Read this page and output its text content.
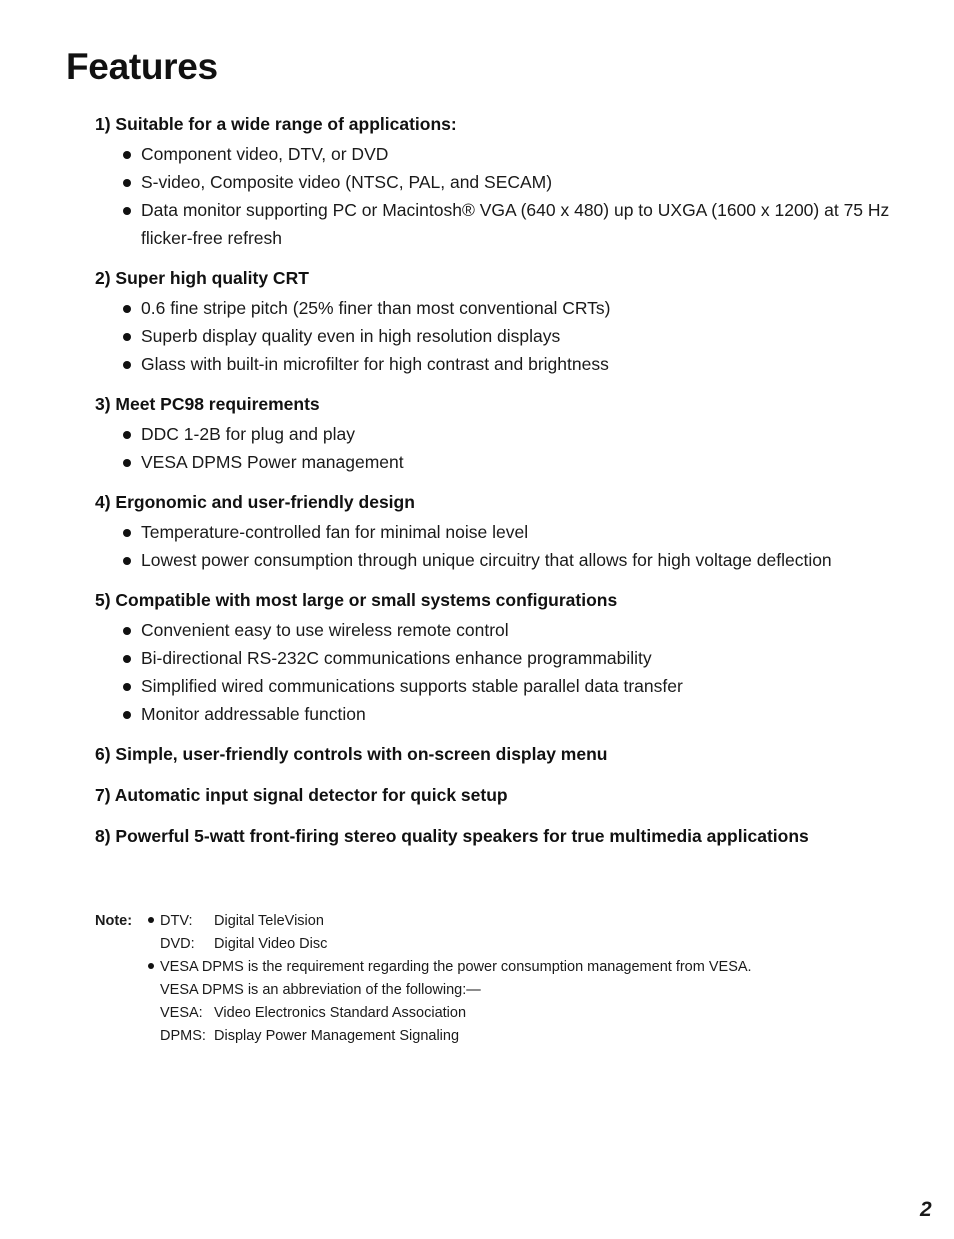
Features
1) Suitable for a wide range of applications:
Component video, DTV, or DVD
S-video, Composite video (NTSC, PAL, and SECAM)
Data monitor supporting PC or Macintosh® VGA (640 x 480) up to UXGA (1600 x 1200) at 75 Hz flicker-free refresh
2) Super high quality CRT
0.6 fine stripe pitch (25% finer than most conventional CRTs)
Superb display quality even in high resolution displays
Glass with built-in microfilter for high contrast and brightness
3) Meet PC98 requirements
DDC 1-2B for plug and play
VESA DPMS Power management
4) Ergonomic and user-friendly design
Temperature-controlled fan for minimal noise level
Lowest power consumption through unique circuitry that allows for high voltage deflection
5) Compatible with most large or small systems configurations
Convenient easy to use wireless remote control
Bi-directional RS-232C communications enhance programmability
Simplified wired communications supports stable parallel data transfer
Monitor addressable function
6) Simple, user-friendly controls with on-screen display menu
7) Automatic input signal detector for quick setup
8) Powerful 5-watt front-firing stereo quality speakers for true multimedia applications
Note: DTV:	Digital TeleVision
DVD:	Digital Video Disc
VESA DPMS is the requirement regarding the power consumption management from VESA.
VESA DPMS is an abbreviation of the following:—
VESA: Video Electronics Standard Association
DPMS: Display Power Management Signaling
2
